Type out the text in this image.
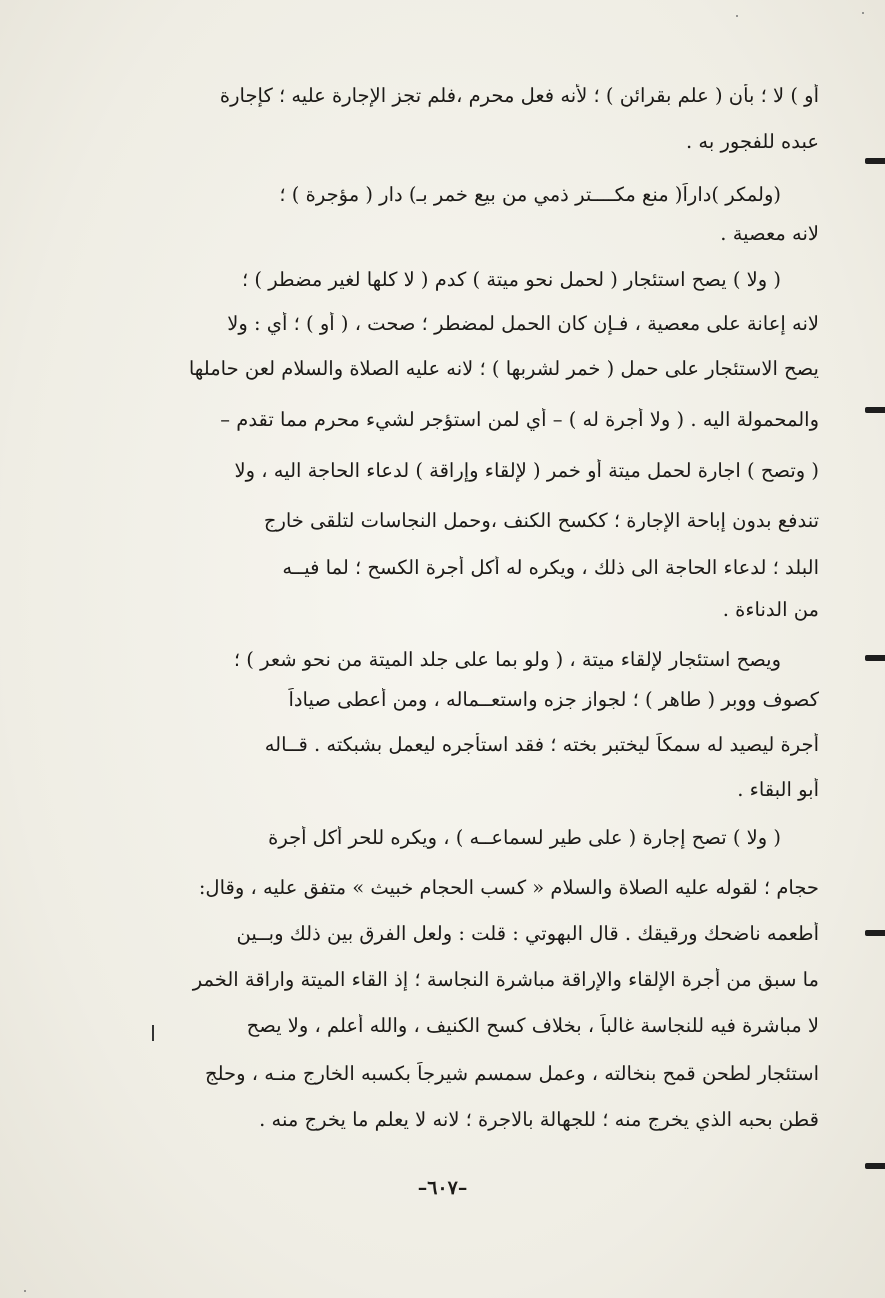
أو ) لا ؛ بأن ( علم بقرائن ) ؛ لأنه فعل محرم ،فلم تجز الإجارة عليه ؛ كإجارة
عبده للفجور به .
(ولمكر )داراً( منع مكــــتر ذمي من بيع خمر بـ) دار ( مؤجرة ) ؛
لانه معصية .
( ولا ) يصح استئجار ( لحمل نحو ميتة ) كدم ( لا كلها لغير مضطر ) ؛
لانه إعانة على معصية ، فـإن كان الحمل لمضطر ؛ صحت ، ( أو ) ؛ أي : ولا
يصح الاستئجار على حمل ( خمر لشربها ) ؛ لانه عليه الصلاة والسلام لعن حاملها
والمحمولة اليه . ( ولا أجرة له ) – أي لمن استؤجر لشيء محرم مما تقدم –
( وتصح ) اجارة لحمل ميتة أو خمر ( لإلقاء وإراقة ) لدعاء الحاجة اليه ، ولا
تندفع بدون إباحة الإجارة ؛ ككسح الكنف ،وحمل النجاسات لتلقى خارج
البلد ؛ لدعاء الحاجة الى ذلك ، ويكره له أكل أجرة الكسح ؛ لما فيــه
من الدناءة .
ويصح استئجار لإلقاء ميتة ، ( ولو بما على جلد الميتة من نحو شعر ) ؛
كصوف ووبر ( طاهر ) ؛ لجواز جزه واستعــماله ، ومن أعطى صياداً
أجرة ليصيد له سمكاً ليختبر بخته ؛ فقد استأجره ليعمل بشبكته . قــاله
أبو البقاء .
( ولا ) تصح إجارة ( على طير لسماعــه ) ، ويكره للحر أكل أجرة
حجام ؛ لقوله عليه الصلاة والسلام « كسب الحجام خبيث » متفق عليه ، وقال:
أطعمه ناضحك ورقيقك . قال البهوتي : قلت : ولعل الفرق بين ذلك وبــين
ما سبق من أجرة الإلقاء والإراقة مباشرة النجاسة ؛ إذ القاء الميتة واراقة الخمر
لا مباشرة فيه للنجاسة غالباً ، بخلاف كسح الكنيف ، والله أعلم ، ولا يصح
استئجار لطحن قمح بنخالته ، وعمل سمسم شيرجاً بكسبه الخارج منـه ، وحلج
قطن بحبه الذي يخرج منه ؛ للجهالة بالاجرة ؛ لانه لا يعلم ما يخرج منه .
–٦٠٧–
